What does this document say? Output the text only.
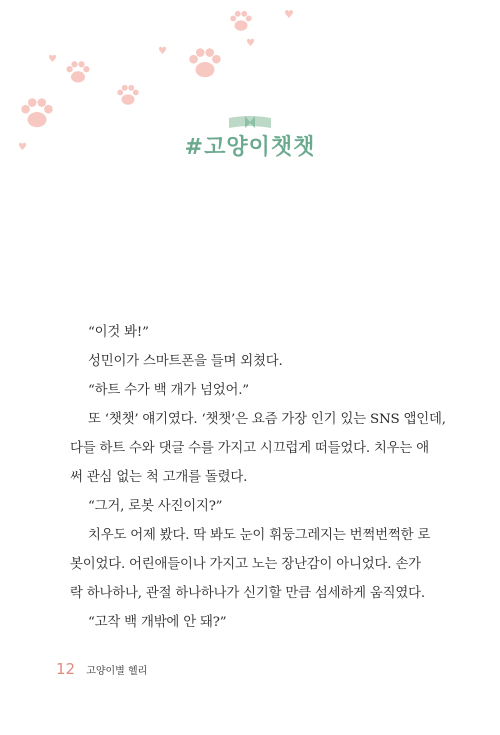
♥
♥
♥
♥
♥	#고양이챗챗

“이것 봐!”

성민이가 스마트폰을 들며 외쳤다.

“하트 수가 백 개가 넘었어.”

또 ‘챗챗’ 얘기였다. ‘챗챗’은 요즘 가장 인기 있는 SNS 앱인데,

다들 하트 수와 댓글 수를 가지고 시끄럽게 떠들었다. 치우는 애

써 관심 없는 척 고개를 돌렸다.

“그거, 로봇 사진이지?”

치우도 어제 봤다. 딱 봐도 눈이 휘둥그레지는 번쩍번쩍한 로

봇이었다. 어린애들이나 가지고 노는 장난감이 아니었다. 손가

락 하나하나, 관절 하나하나가 신기할 만큼 섬세하게 움직였다.

“고작 백 개밖에 안 돼?”

12 고양이별 헬리
